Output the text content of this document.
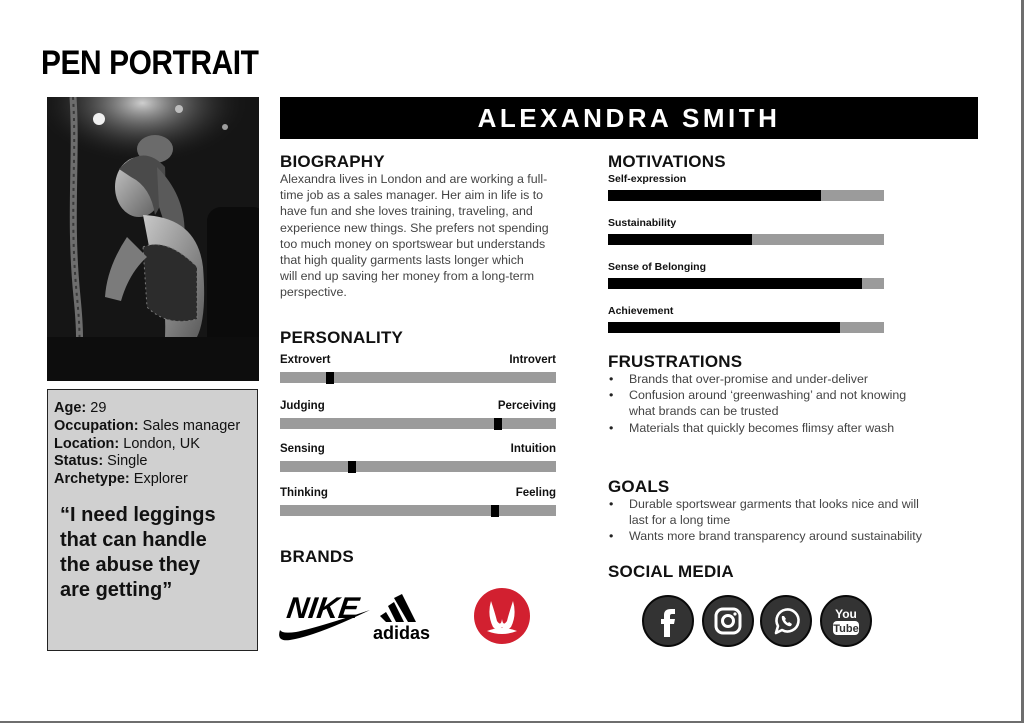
PEN PORTRAIT
Age: 29
Occupation: Sales manager
Location: London, UK
Status: Single
Archetype: Explorer
“I need leggings
that can handle
the abuse they
are getting”
ALEXANDRA SMITH
BIOGRAPHY
Alexandra lives in London and are working a full-
time job as a sales manager. Her aim in life is to
have fun and she loves training, traveling, and
experience new things. She prefers not spending
too much money on sportswear but understands
that high quality garments lasts longer which
will end up saving her money from a long-term
perspective.
PERSONALITY
Extrovert	Introvert
Judging	Perceiving
Sensing	Intuition
Thinking	Feeling
BRANDS
NIKE
adidas
MOTIVATIONS
Self-expression
Sustainability
Sense of Belonging
Achievement
FRUSTRATIONS
• Brands that over-promise and under-deliver
• Confusion around ‘greenwashing’ and not knowing
what brands can be trusted
• Materials that quickly becomes flimsy after wash
GOALS
• Durable sportswear garments that looks nice and will
last for a long time
• Wants more brand transparency around sustainability
SOCIAL MEDIA
You
Tube
